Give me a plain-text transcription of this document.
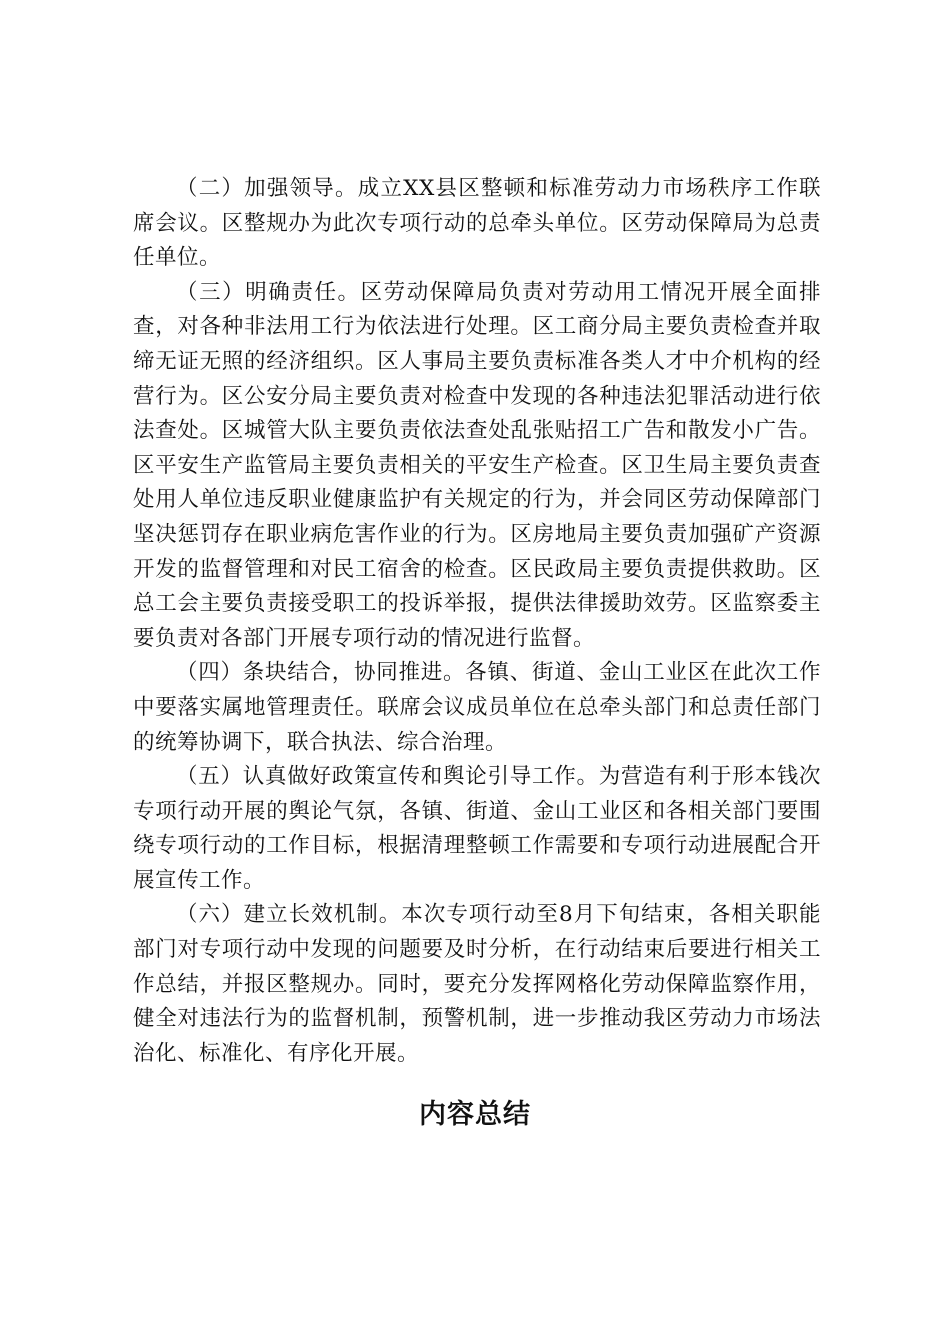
（二）加强领导。成立XX县区整顿和标准劳动力市场秩序工作联席会议。区整规办为此次专项行动的总牵头单位。区劳动保障局为总责任单位。

（三）明确责任。区劳动保障局负责对劳动用工情况开展全面排查，对各种非法用工行为依法进行处理。区工商分局主要负责检查并取缔无证无照的经济组织。区人事局主要负责标准各类人才中介机构的经营行为。区公安分局主要负责对检查中发现的各种违法犯罪活动进行依法查处。区城管大队主要负责依法查处乱张贴招工广告和散发小广告。区平安生产监管局主要负责相关的平安生产检查。区卫生局主要负责查处用人单位违反职业健康监护有关规定的行为，并会同区劳动保障部门坚决惩罚存在职业病危害作业的行为。区房地局主要负责加强矿产资源开发的监督管理和对民工宿舍的检查。区民政局主要负责提供救助。区总工会主要负责接受职工的投诉举报，提供法律援助效劳。区监察委主要负责对各部门开展专项行动的情况进行监督。

（四）条块结合，协同推进。各镇、街道、金山工业区在此次工作中要落实属地管理责任。联席会议成员单位在总牵头部门和总责任部门的统筹协调下，联合执法、综合治理。

（五）认真做好政策宣传和舆论引导工作。为营造有利于形本钱次专项行动开展的舆论气氛，各镇、街道、金山工业区和各相关部门要围绕专项行动的工作目标，根据清理整顿工作需要和专项行动进展配合开展宣传工作。

（六）建立长效机制。本次专项行动至8月下旬结束，各相关职能部门对专项行动中发现的问题要及时分析，在行动结束后要进行相关工作总结，并报区整规办。同时，要充分发挥网格化劳动保障监察作用，健全对违法行为的监督机制，预警机制，进一步推动我区劳动力市场法治化、标准化、有序化开展。

内容总结
